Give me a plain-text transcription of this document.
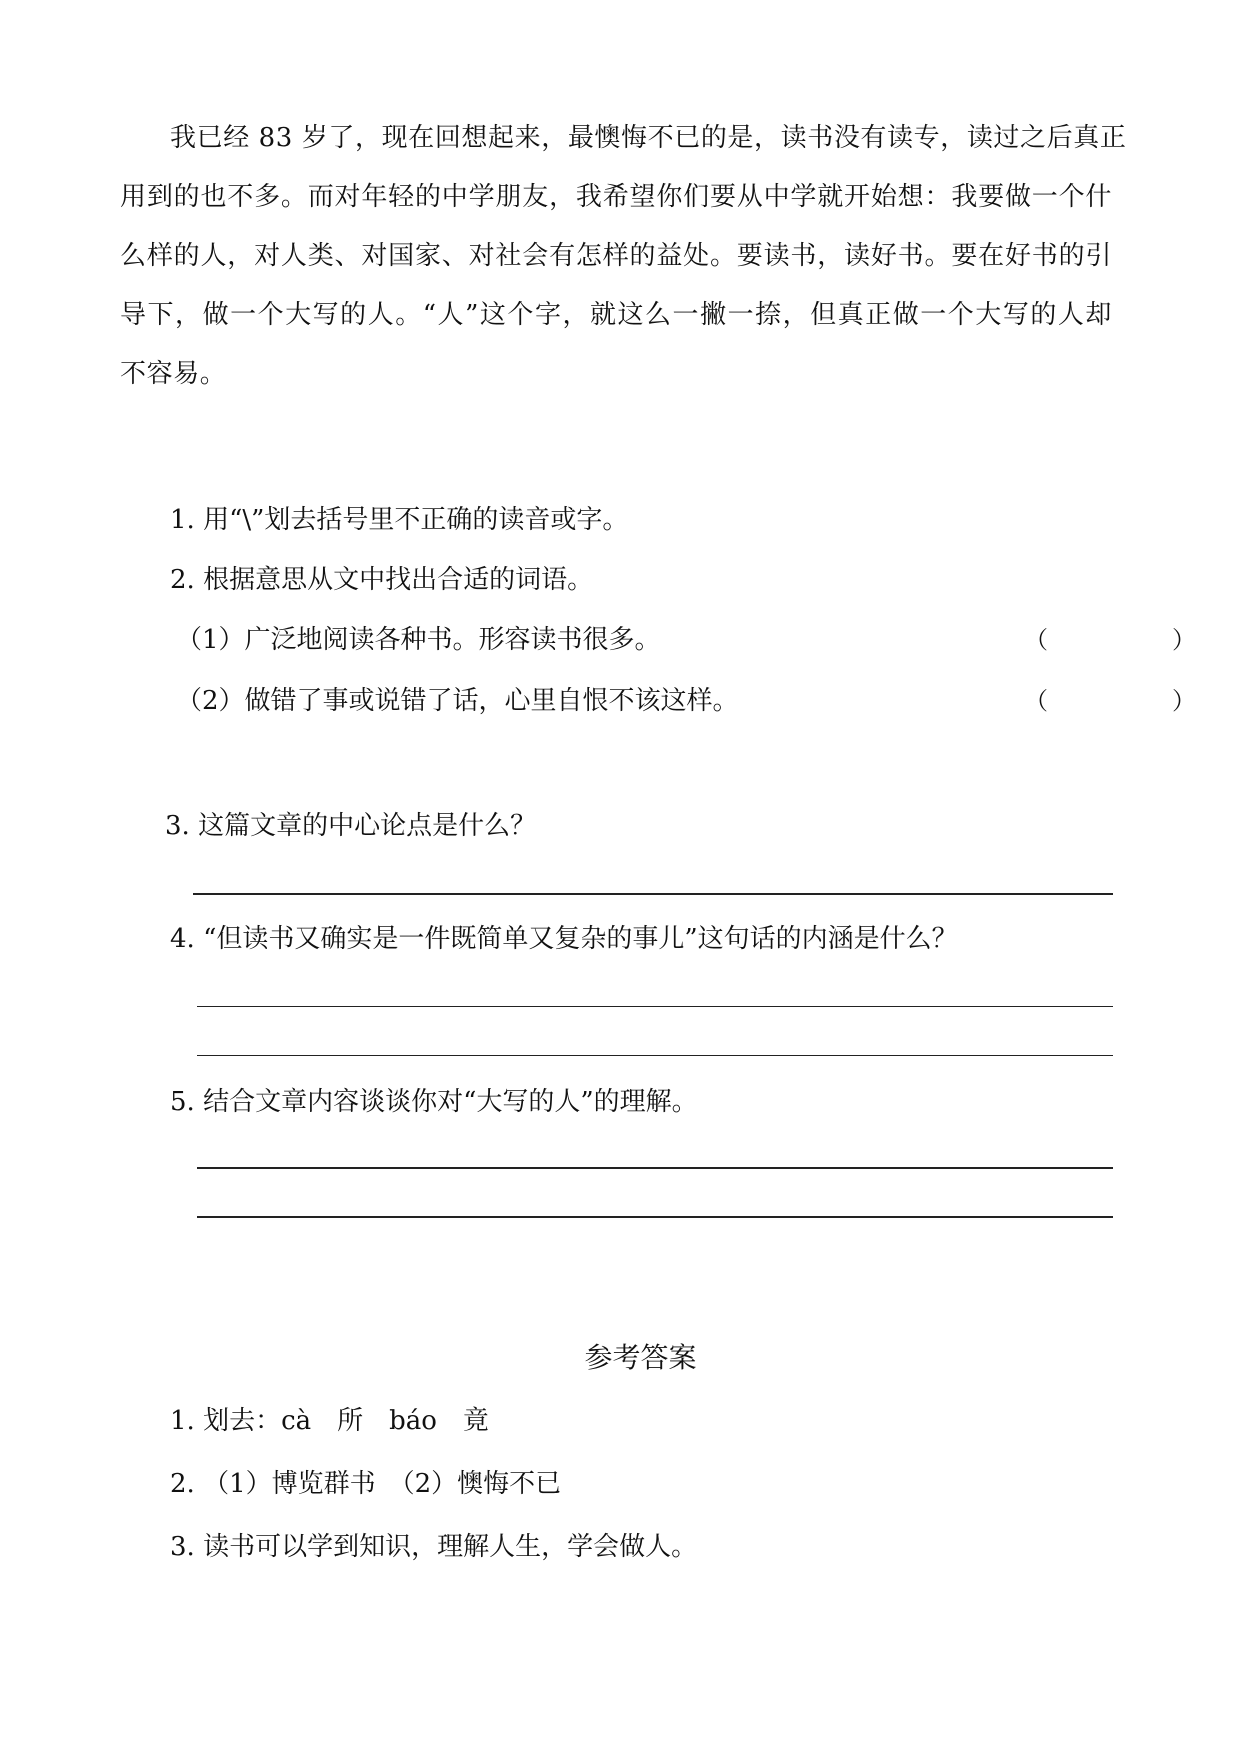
我已经 83 岁了，现在回想起来，最懊悔不已的是，读书没有读专，读过之后真正
用到的也不多。而对年轻的中学朋友，我希望你们要从中学就开始想：我要做一个什
么样的人，对人类、对国家、对社会有怎样的益处。要读书，读好书。要在好书的引
导下，做一个大写的人。“人”这个字，就这么一撇一捺，但真正做一个大写的人却
不容易。
1. 用“\”划去括号里不正确的读音或字。
2. 根据意思从文中找出合适的词语。
（1）广泛地阅读各种书。形容读书很多。	（	）
（2）做错了事或说错了话，心里自恨不该这样。	（	）
3. 这篇文章的中心论点是什么？
4. “但读书又确实是一件既简单又复杂的事儿”这句话的内涵是什么？
5. 结合文章内容谈谈你对“大写的人”的理解。
参考答案
1. 划去：cà　所　báo　竟
2. （1）博览群书　（2）懊悔不已
3. 读书可以学到知识，理解人生，学会做人。
